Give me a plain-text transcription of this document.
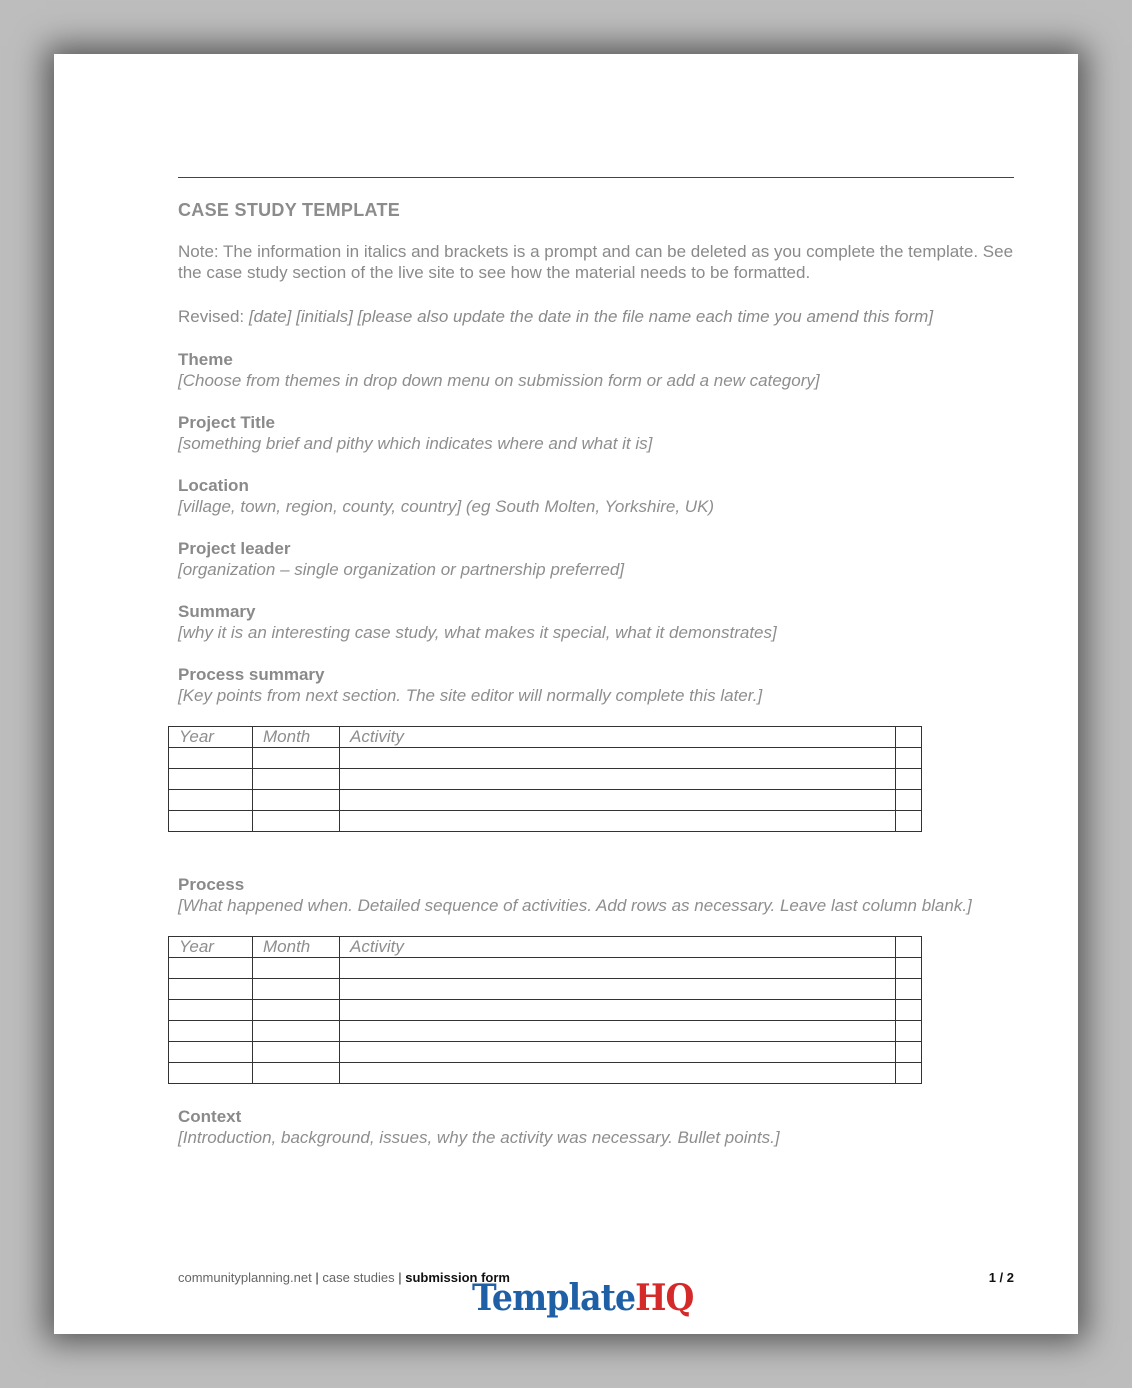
CASE STUDY TEMPLATE
Note: The information in italics and brackets is a prompt and can be deleted as you complete the template. See the case study section of the live site to see how the material needs to be formatted.
Revised: [date] [initials] [please also update the date in the file name each time you amend this form]
Theme
[Choose from themes in drop down menu on submission form or add a new category]
Project Title
[something brief and pithy which indicates where and what it is]
Location
[village, town, region, county, country] (eg South Molten, Yorkshire, UK)
Project leader
[organization – single organization or partnership preferred]
Summary
[why it is an interesting case study, what makes it special, what it demonstrates]
Process summary
[Key points from next section. The site editor will normally complete this later.]
Year	Month	Activity	

Process
[What happened when. Detailed sequence of activities. Add rows as necessary. Leave last column blank.]
Year	Month	Activity	

Context
[Introduction, background, issues, why the activity was necessary. Bullet points.]
communityplanning.net | case studies | submission form	1 / 2
TemplateHQ
